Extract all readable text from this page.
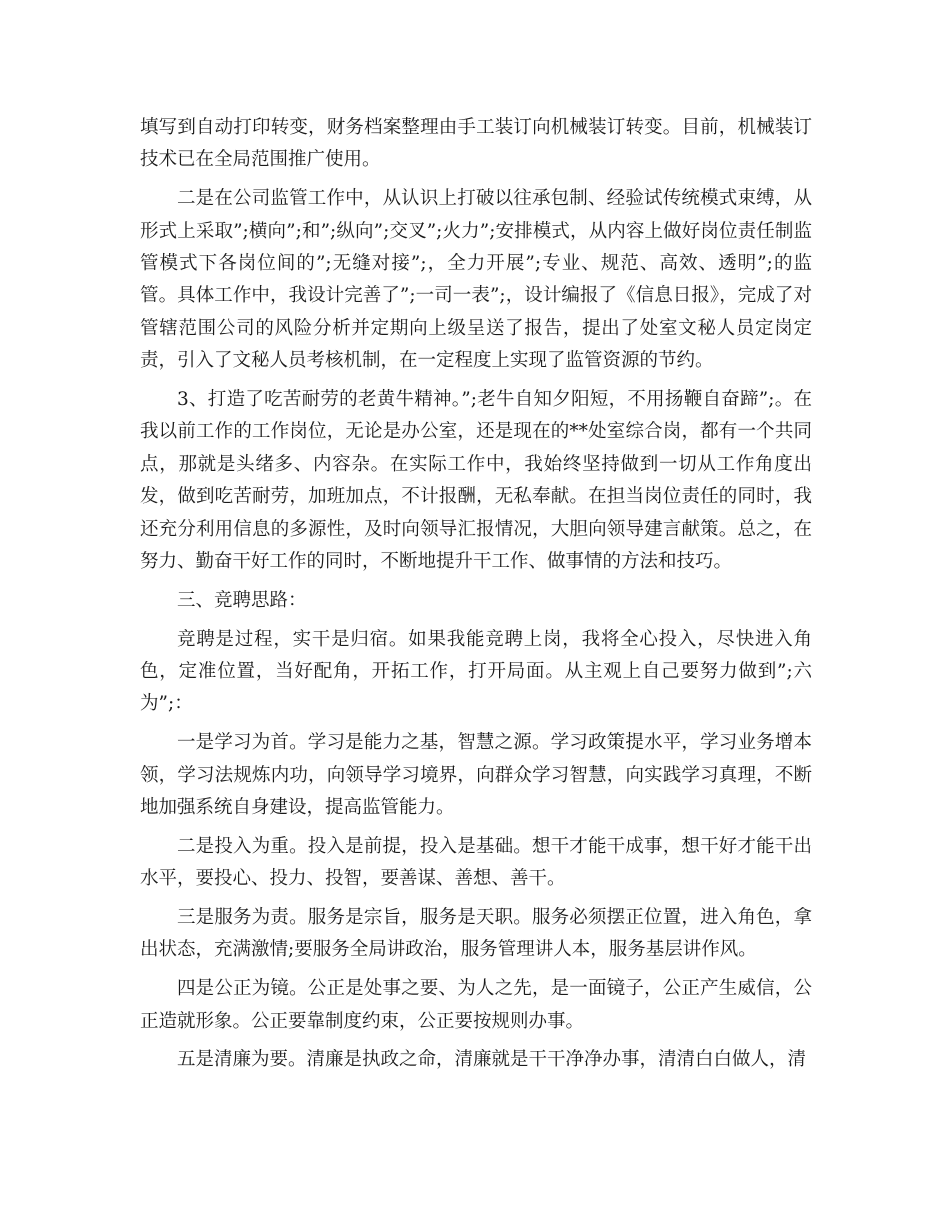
填写到自动打印转变，财务档案整理由手工装订向机械装订转变。目前，机械装订技术已在全局范围推广使用。

二是在公司监管工作中，从认识上打破以往承包制、经验试传统模式束缚，从形式上采取”;横向”;和”;纵向”;交叉”;火力”;安排模式，从内容上做好岗位责任制监管模式下各岗位间的”;无缝对接”;，全力开展”;专业、规范、高效、透明”;的监管。具体工作中，我设计完善了”;一司一表”;，设计编报了《信息日报》，完成了对管辖范围公司的风险分析并定期向上级呈送了报告，提出了处室文秘人员定岗定责，引入了文秘人员考核机制，在一定程度上实现了监管资源的节约。

3、打造了吃苦耐劳的老黄牛精神。”;老牛自知夕阳短，不用扬鞭自奋蹄”;。在我以前工作的工作岗位，无论是办公室，还是现在的**处室综合岗，都有一个共同点，那就是头绪多、内容杂。在实际工作中，我始终坚持做到一切从工作角度出发，做到吃苦耐劳，加班加点，不计报酬，无私奉献。在担当岗位责任的同时，我还充分利用信息的多源性，及时向领导汇报情况，大胆向领导建言献策。总之，在努力、勤奋干好工作的同时，不断地提升干工作、做事情的方法和技巧。

三、竞聘思路：

竞聘是过程，实干是归宿。如果我能竞聘上岗，我将全心投入，尽快进入角色，定准位置，当好配角，开拓工作，打开局面。从主观上自己要努力做到”;六为”;：

一是学习为首。学习是能力之基，智慧之源。学习政策提水平，学习业务增本领，学习法规炼内功，向领导学习境界，向群众学习智慧，向实践学习真理，不断地加强系统自身建设，提高监管能力。

二是投入为重。投入是前提，投入是基础。想干才能干成事，想干好才能干出水平，要投心、投力、投智，要善谋、善想、善干。

三是服务为责。服务是宗旨，服务是天职。服务必须摆正位置，进入角色，拿出状态，充满激情;要服务全局讲政治，服务管理讲人本，服务基层讲作风。

四是公正为镜。公正是处事之要、为人之先，是一面镜子，公正产生威信，公正造就形象。公正要靠制度约束，公正要按规则办事。

五是清廉为要。清廉是执政之命，清廉就是干干净净办事，清清白白做人，清
